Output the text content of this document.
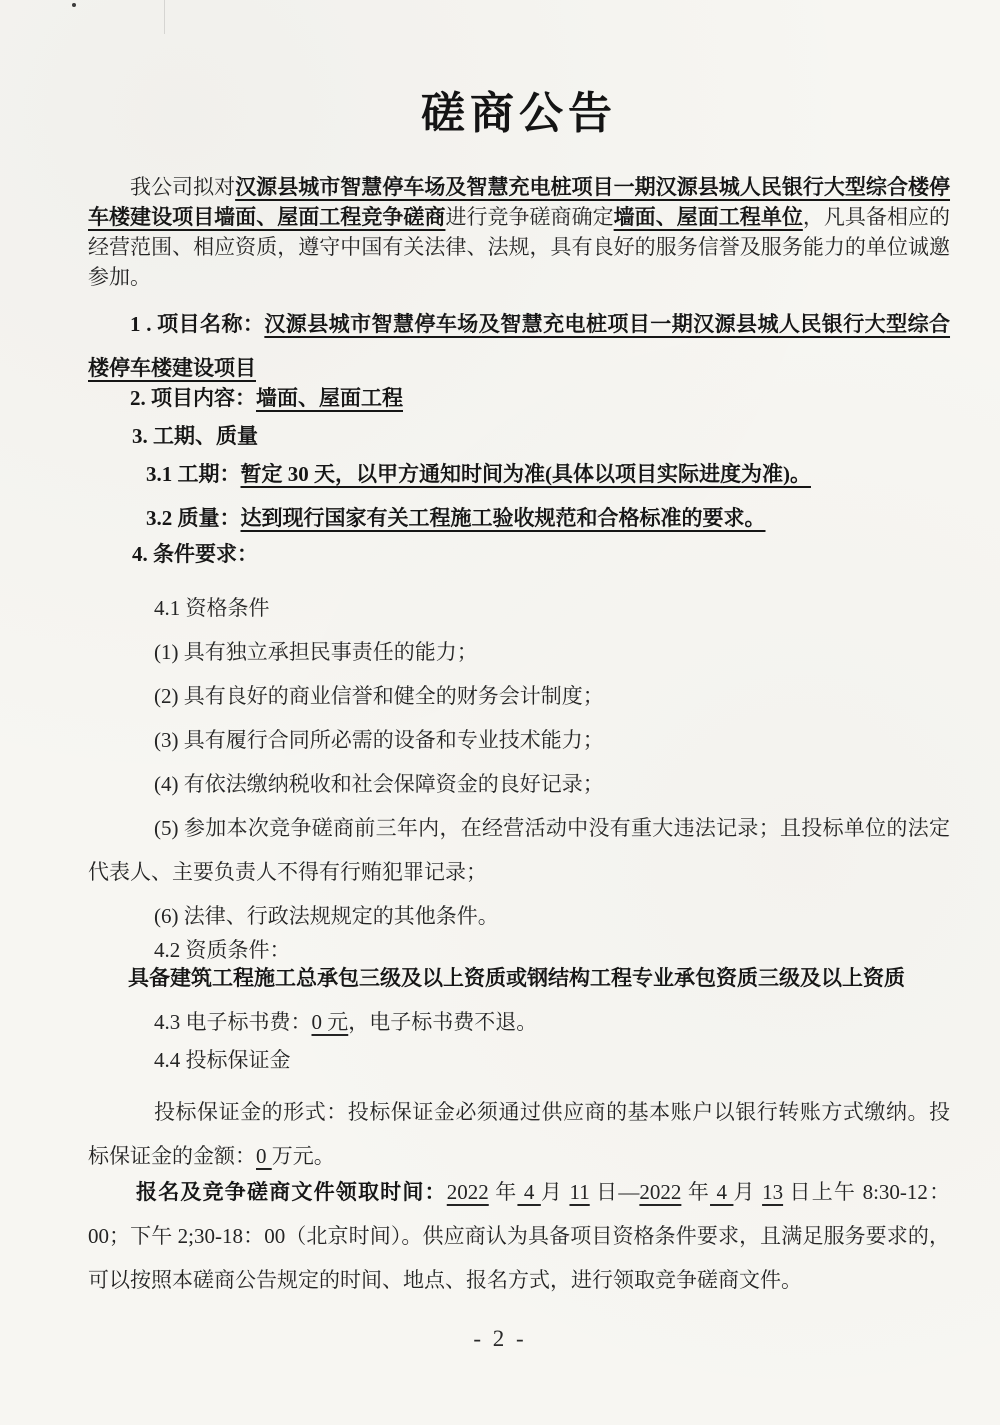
磋商公告

我公司拟对汉源县城市智慧停车场及智慧充电桩项目一期汉源县城人民银行大型综合楼停车楼建设项目墙面、屋面工程竞争磋商进行竞争磋商确定墙面、屋面工程单位，凡具备相应的经营范围、相应资质，遵守中国有关法律、法规，具有良好的服务信誉及服务能力的单位诚邀参加。

1 . 项目名称：汉源县城市智慧停车场及智慧充电桩项目一期汉源县城人民银行大型综合楼停车楼建设项目

2. 项目内容：墙面、屋面工程

3. 工期、质量

3.1 工期：暂定 30 天，以甲方通知时间为准(具体以项目实际进度为准)。

3.2 质量：达到现行国家有关工程施工验收规范和合格标准的要求。

4. 条件要求：

4.1 资格条件

(1) 具有独立承担民事责任的能力；

(2) 具有良好的商业信誉和健全的财务会计制度；

(3) 具有履行合同所必需的设备和专业技术能力；

(4) 有依法缴纳税收和社会保障资金的良好记录；

(5) 参加本次竞争磋商前三年内，在经营活动中没有重大违法记录；且投标单位的法定代表人、主要负责人不得有行贿犯罪记录；

(6) 法律、行政法规规定的其他条件。

4.2 资质条件：

具备建筑工程施工总承包三级及以上资质或钢结构工程专业承包资质三级及以上资质

4.3 电子标书费：0 元，电子标书费不退。

4.4 投标保证金

投标保证金的形式：投标保证金必须通过供应商的基本账户以银行转账方式缴纳。投标保证金的金额：0 万元。

报名及竞争磋商文件领取时间：2022 年 4 月 11 日—2022 年 4 月 13 日上午 8:30-12：00；下午 2;30-18：00（北京时间）。供应商认为具备项目资格条件要求，且满足服务要求的，可以按照本磋商公告规定的时间、地点、报名方式，进行领取竞争磋商文件。

- 2 -
